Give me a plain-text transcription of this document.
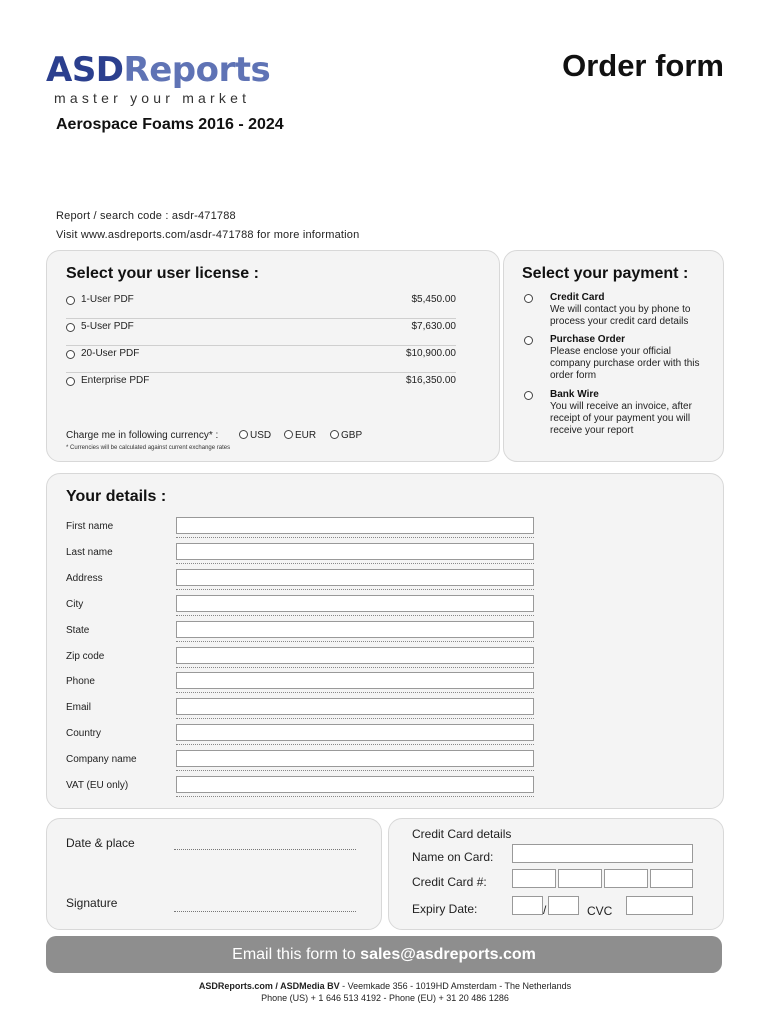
ASDReports
master your market
Order form
Aerospace Foams 2016 - 2024
Report / search code : asdr-471788
Visit www.asdreports.com/asdr-471788 for more information
Select your user license :
1-User PDF	$5,450.00
5-User PDF	$7,630.00
20-User PDF	$10,900.00
Enterprise PDF	$16,350.00
Charge me in following currency* :	USD	EUR	GBP
* Currencies will be calculated against current exchange rates
Select your payment :
Credit Card
We will contact you by phone to process your credit card details
Purchase Order
Please enclose your official company purchase order with this order form
Bank Wire
You will receive an invoice, after receipt of your payment you will receive your report
Your details :
First name
Last name
Address
City
State
Zip code
Phone
Email
Country
Company name
VAT (EU only)
Date & place
Signature
Credit Card details
Name on Card:
Credit Card #:
Expiry Date:	/	CVC
Email this form to sales@asdreports.com
ASDReports.com / ASDMedia BV - Veemkade 356 - 1019HD Amsterdam - The Netherlands
Phone (US) + 1 646 513 4192 - Phone (EU) + 31 20 486 1286
